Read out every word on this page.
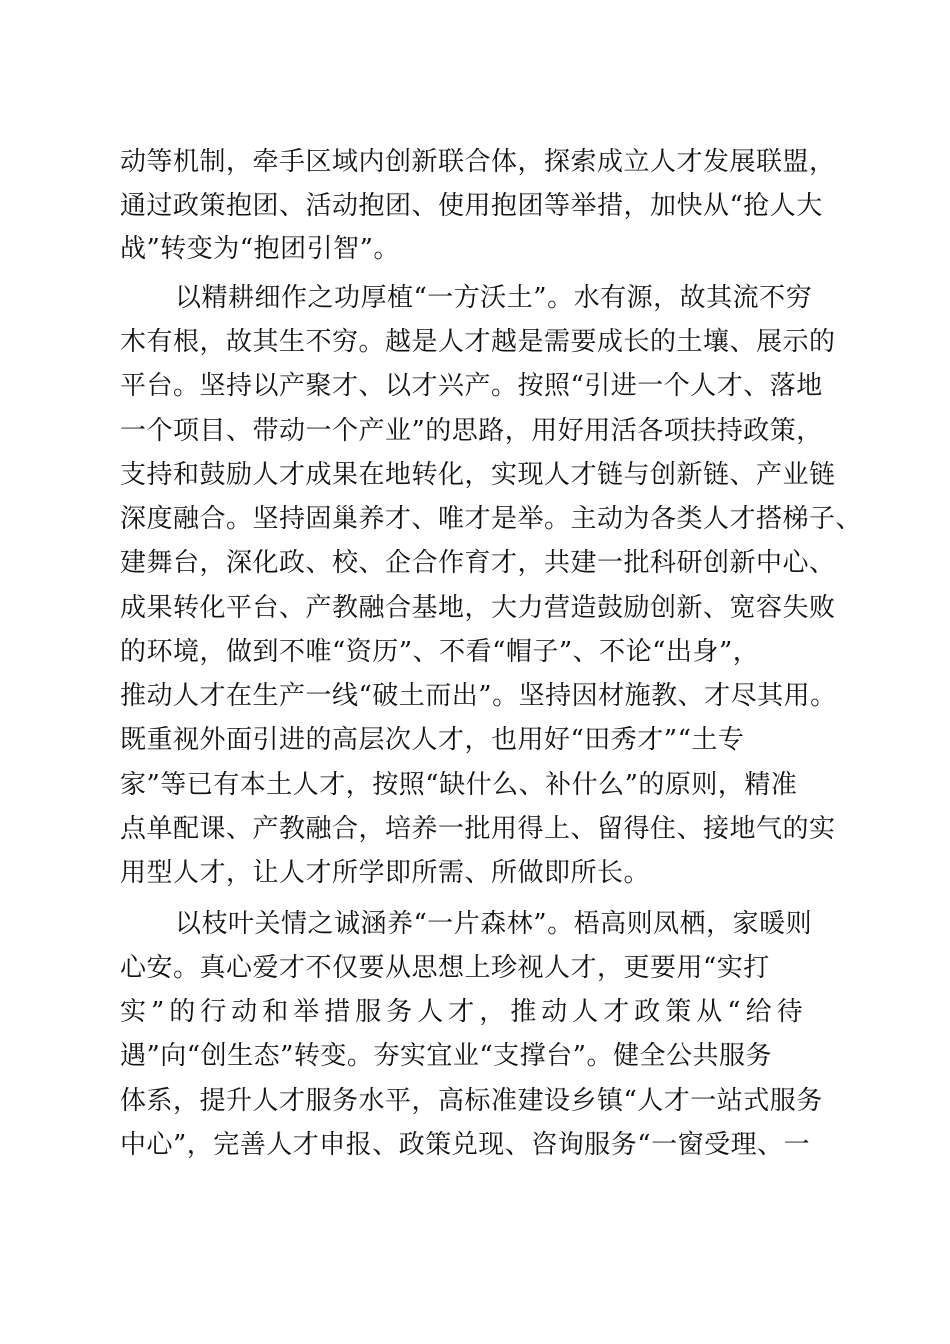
动等机制，牵手区域内创新联合体，探索成立人才发展联盟，
通过政策抱团、活动抱团、使用抱团等举措，加快从“抢人大
战”转变为“抱团引智”。
以精耕细作之功厚植“一方沃土”。水有源，故其流不穷
木有根，故其生不穷。越是人才越是需要成长的土壤、展示的
平台。坚持以产聚才、以才兴产。按照“引进一个人才、落地
一个项目、带动一个产业”的思路，用好用活各项扶持政策，
支持和鼓励人才成果在地转化，实现人才链与创新链、产业链
深度融合。坚持固巢养才、唯才是举。主动为各类人才搭梯子、
建舞台，深化政、校、企合作育才，共建一批科研创新中心、
成果转化平台、产教融合基地，大力营造鼓励创新、宽容失败
的环境，做到不唯“资历”、不看“帽子”、不论“出身”，
推动人才在生产一线“破土而出”。坚持因材施教、才尽其用。
既重视外面引进的高层次人才，也用好“田秀才”“土专
家”等已有本土人才，按照“缺什么、补什么”的原则，精准
点单配课、产教融合，培养一批用得上、留得住、接地气的实
用型人才，让人才所学即所需、所做即所长。
以枝叶关情之诚涵养“一片森林”。梧高则凤栖，家暖则
心安。真心爱才不仅要从思想上珍视人才，更要用“实打
实”的行动和举措服务人才，推动人才政策从“给待
遇”向“创生态”转变。夯实宜业“支撑台”。健全公共服务
体系，提升人才服务水平，高标准建设乡镇“人才一站式服务
中心”，完善人才申报、政策兑现、咨询服务“一窗受理、一
